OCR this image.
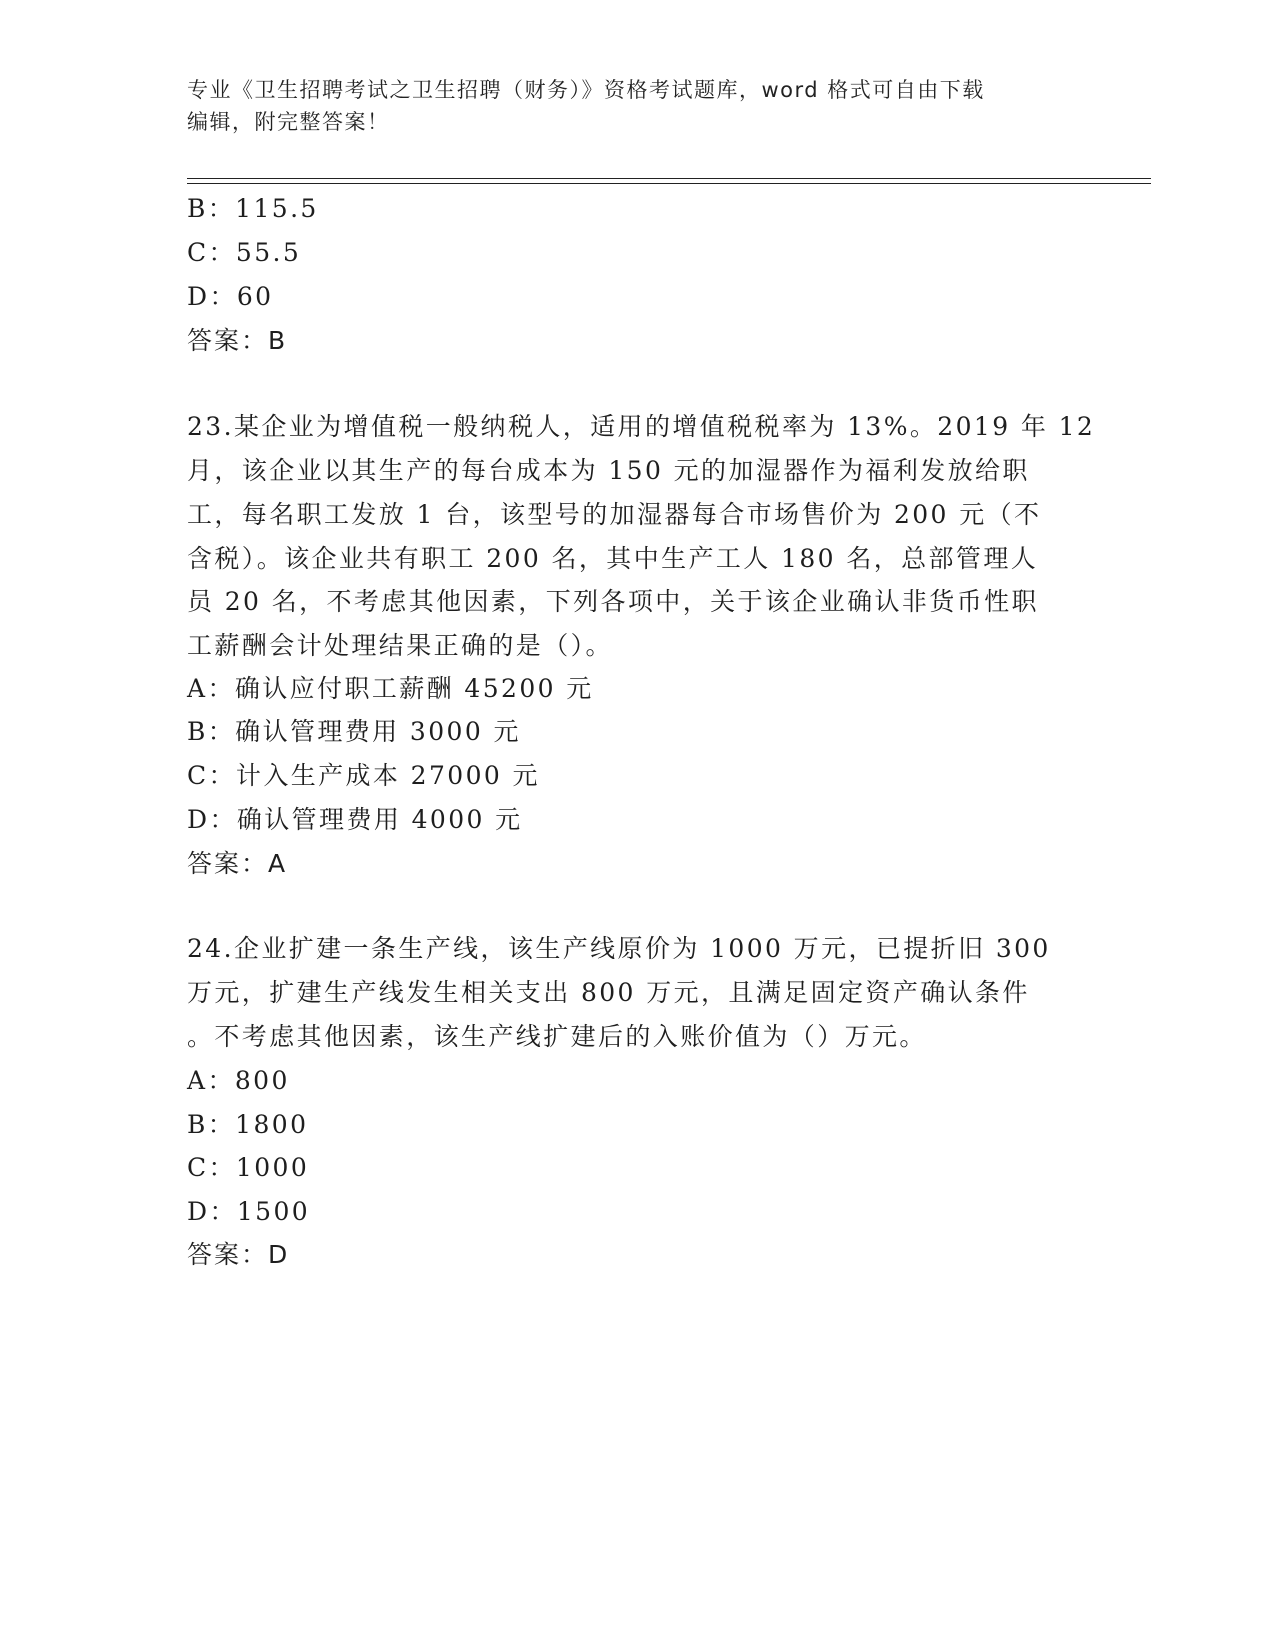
专业《卫生招聘考试之卫生招聘（财务）》资格考试题库，word 格式可自由下载
编辑，附完整答案！
B：115.5
C：55.5
D：60
答案：B
23.某企业为增值税一般纳税人，适用的增值税税率为 13%。2019 年 12
月，该企业以其生产的每台成本为 150 元的加湿器作为福利发放给职
工，每名职工发放 1 台，该型号的加湿器每合市场售价为 200 元（不
含税）。该企业共有职工 200 名，其中生产工人 180 名，总部管理人
员 20 名，不考虑其他因素，下列各项中，关于该企业确认非货币性职
工薪酬会计处理结果正确的是（）。
A：确认应付职工薪酬 45200 元
B：确认管理费用 3000 元
C：计入生产成本 27000 元
D：确认管理费用 4000 元
答案：A
24.企业扩建一条生产线，该生产线原价为 1000 万元，已提折旧 300
万元，扩建生产线发生相关支出 800 万元，且满足固定资产确认条件
。不考虑其他因素，该生产线扩建后的入账价值为（）万元。
A：800
B：1800
C：1000
D：1500
答案：D
